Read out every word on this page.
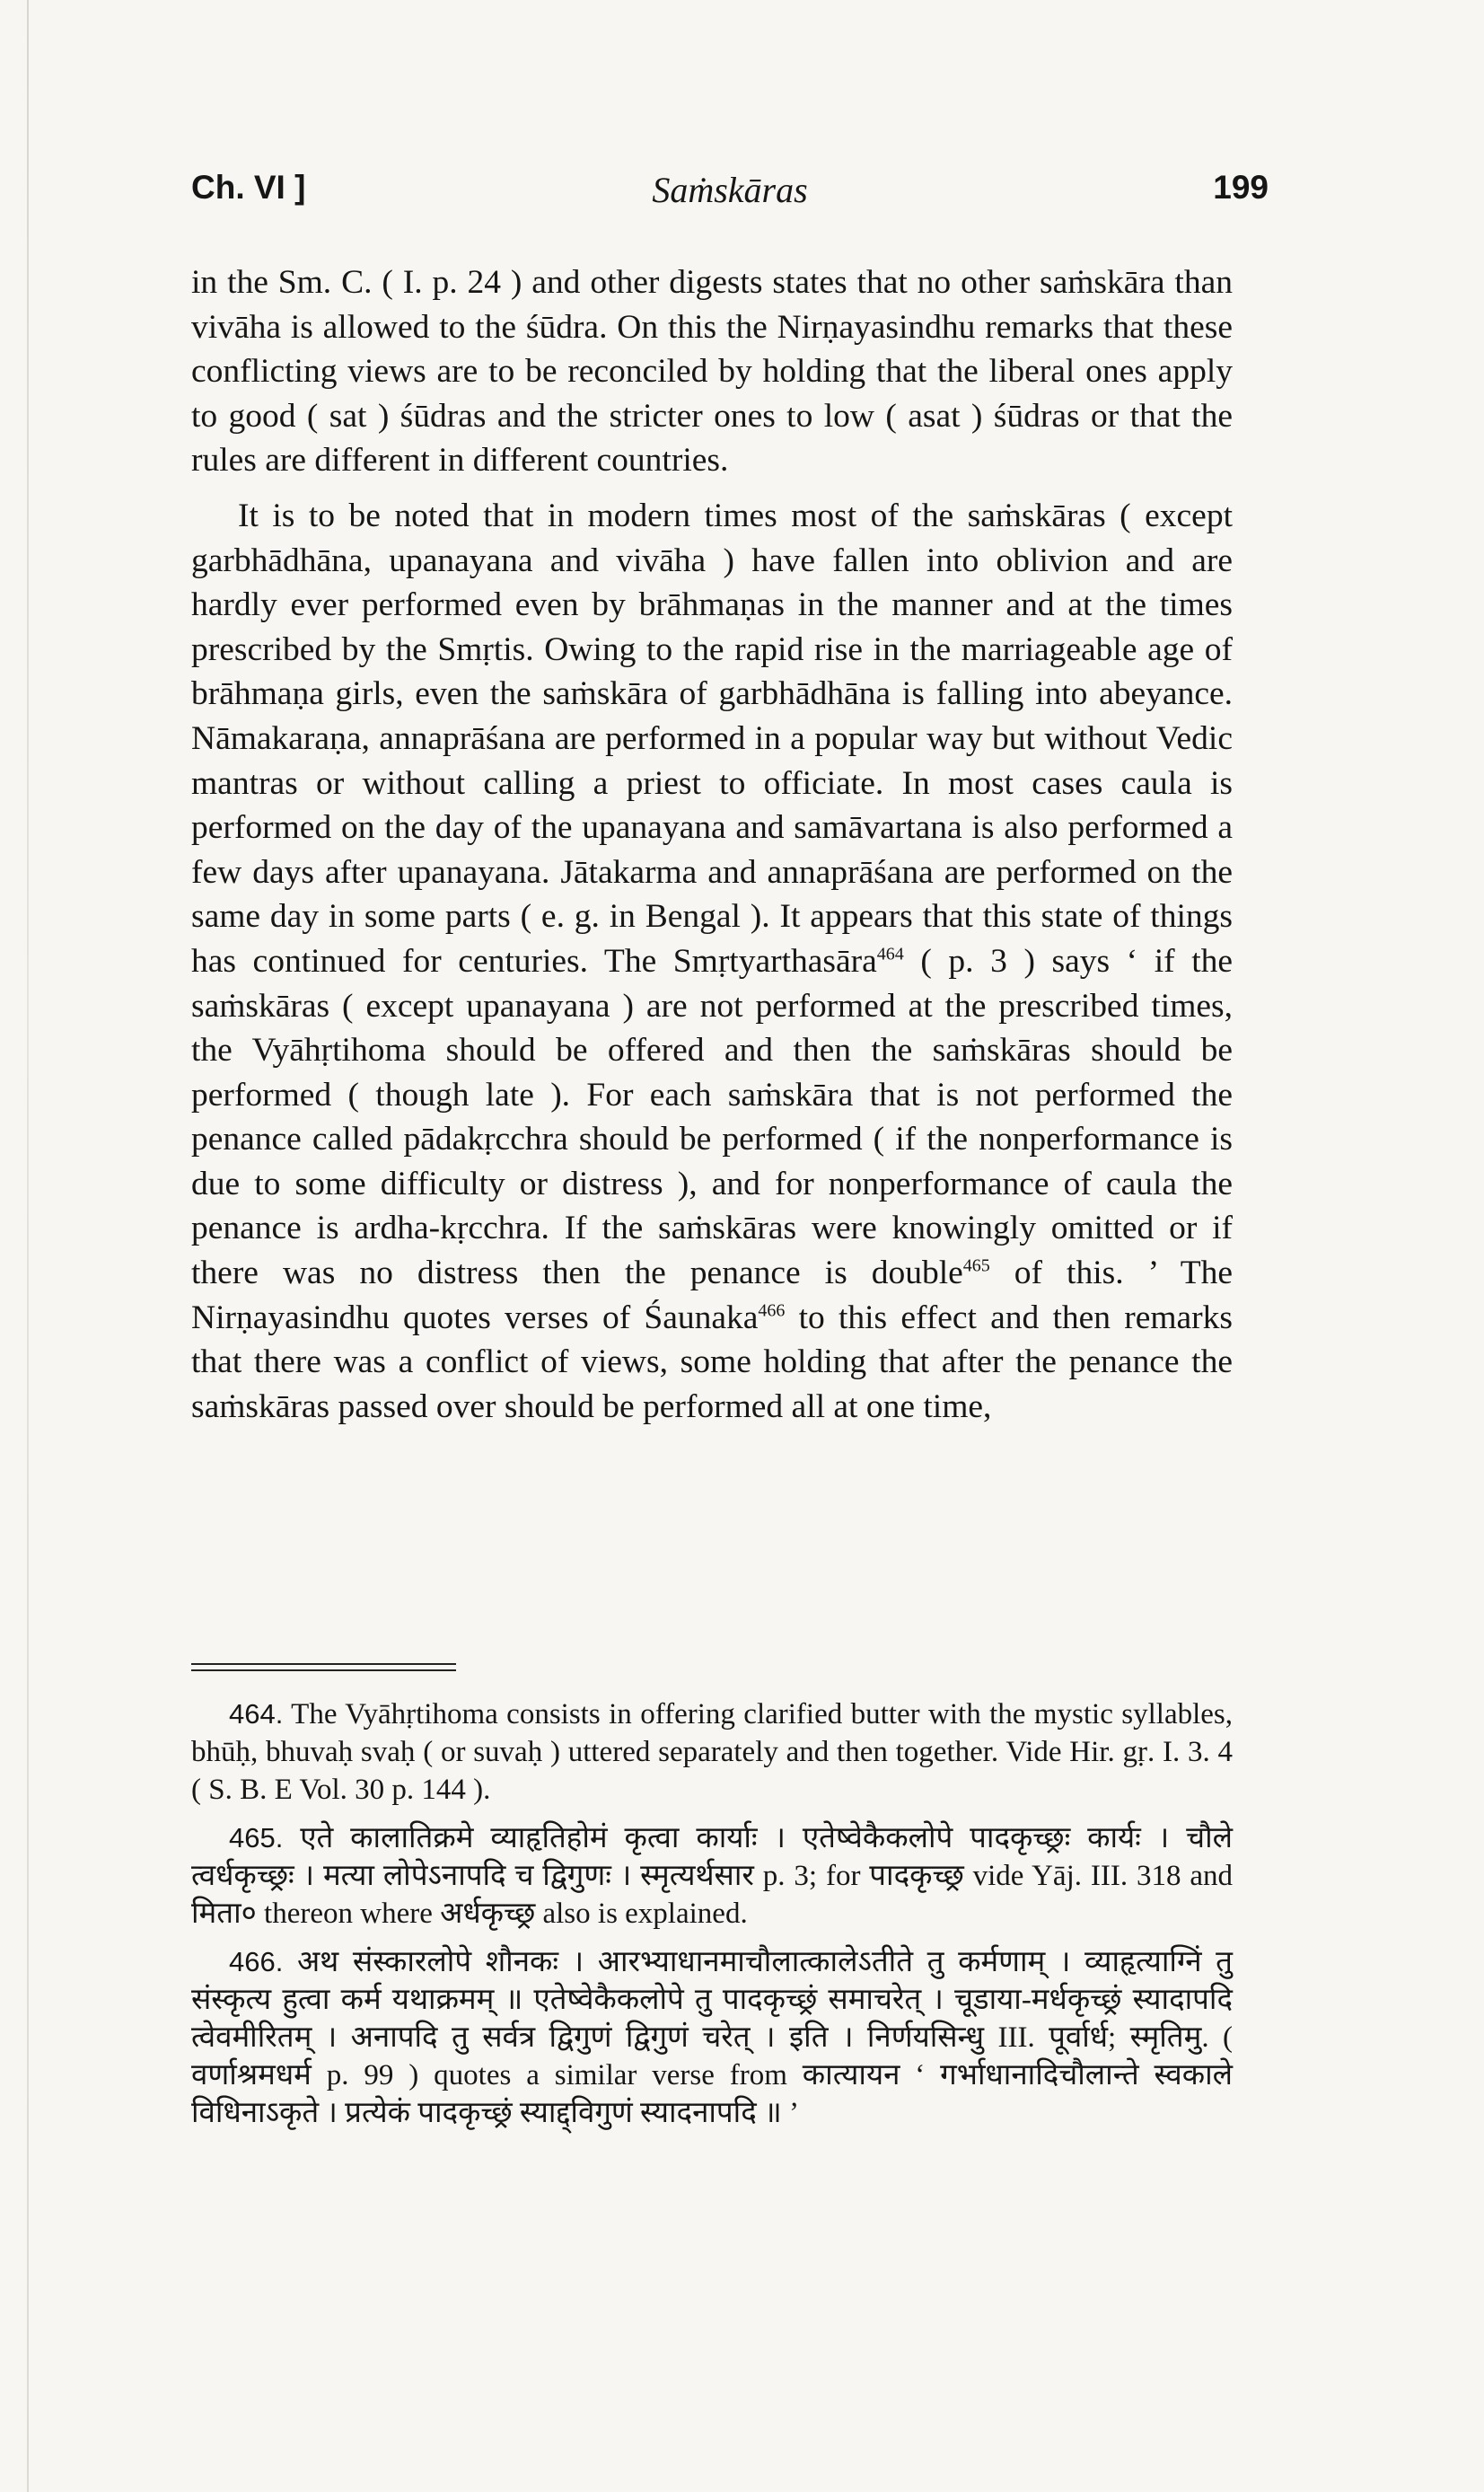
Ch. VI ]	Saṁskāras	199

in the Sm. C. ( I. p. 24 ) and other digests states that no other saṁskāra than vivāha is allowed to the śūdra. On this the Nirṇayasindhu remarks that these conflicting views are to be reconciled by holding that the liberal ones apply to good ( sat ) śūdras and the stricter ones to low ( asat ) śūdras or that the rules are different in different countries.

It is to be noted that in modern times most of the saṁskāras ( except garbhādhāna, upanayana and vivāha ) have fallen into oblivion and are hardly ever performed even by brāhmaṇas in the manner and at the times prescribed by the Smṛtis. Owing to the rapid rise in the marriageable age of brāhmaṇa girls, even the saṁskāra of garbhādhāna is falling into abeyance. Nāmakaraṇa, annaprāśana are performed in a popular way but without Vedic mantras or without calling a priest to officiate. In most cases caula is performed on the day of the upanayana and samāvartana is also performed a few days after upanayana. Jātakarma and annaprāśana are performed on the same day in some parts ( e. g. in Bengal ). It appears that this state of things has continued for centuries. The Smṛtyarthasāra$^{464}$ ( p. 3 ) says ‘ if the saṁskāras ( except upanayana ) are not performed at the prescribed times, the Vyāhṛtihoma should be offered and then the saṁskāras should be performed ( though late ). For each saṁskāra that is not performed the penance called pādakṛcchra should be performed ( if the nonperformance is due to some difficulty or distress ), and for nonperformance of caula the penance is ardha-kṛcchra. If the saṁskāras were knowingly omitted or if there was no distress then the penance is double$^{465}$ of this. ’ The Nirṇayasindhu quotes verses of Śaunaka$^{466}$ to this effect and then remarks that there was a conflict of views, some holding that after the penance the saṁskāras passed over should be performed all at one time,

464. The Vyāhṛtihoma consists in offering clarified butter with the mystic syllables, bhūḥ, bhuvaḥ svaḥ ( or suvaḥ ) uttered separately and then together. Vide Hir. gṛ. I. 3. 4 ( S. B. E Vol. 30 p. 144 ).

465. एते कालातिक्रमे व्याहृतिहोमं कृत्वा कार्याः । एतेष्वेकैकलोपे पादकृच्छ्रः कार्यः । चौले त्वर्धकृच्छ्रः । मत्या लोपेऽनापदि च द्विगुणः । स्मृत्यर्थसार p. 3; for पादकृच्छ्र vide Yāj. III. 318 and मिता० thereon where अर्धकृच्छ्र also is explained.

466. अथ संस्कारलोपे शौनकः । आरभ्याधानमाचौलात्कालेऽतीते तु कर्मणाम् । व्याहृत्याग्निं तु संस्कृत्य हुत्वा कर्म यथाक्रमम् ॥ एतेष्वेकैकलोपे तु पादकृच्छ्रं समाचरेत् । चूडाया-मर्धकृच्छ्रं स्यादापदि त्वेवमीरितम् । अनापदि तु सर्वत्र द्विगुणं द्विगुणं चरेत् । इति । निर्णयसिन्धु III. पूर्वार्ध; स्मृतिमु. ( वर्णाश्रमधर्म p. 99 ) quotes a similar verse from कात्यायन ‘ गर्भाधानादिचौलान्ते स्वकाले विधिनाऽकृते । प्रत्येकं पादकृच्छ्रं स्याद्द्विगुणं स्यादनापदि ॥ ’
